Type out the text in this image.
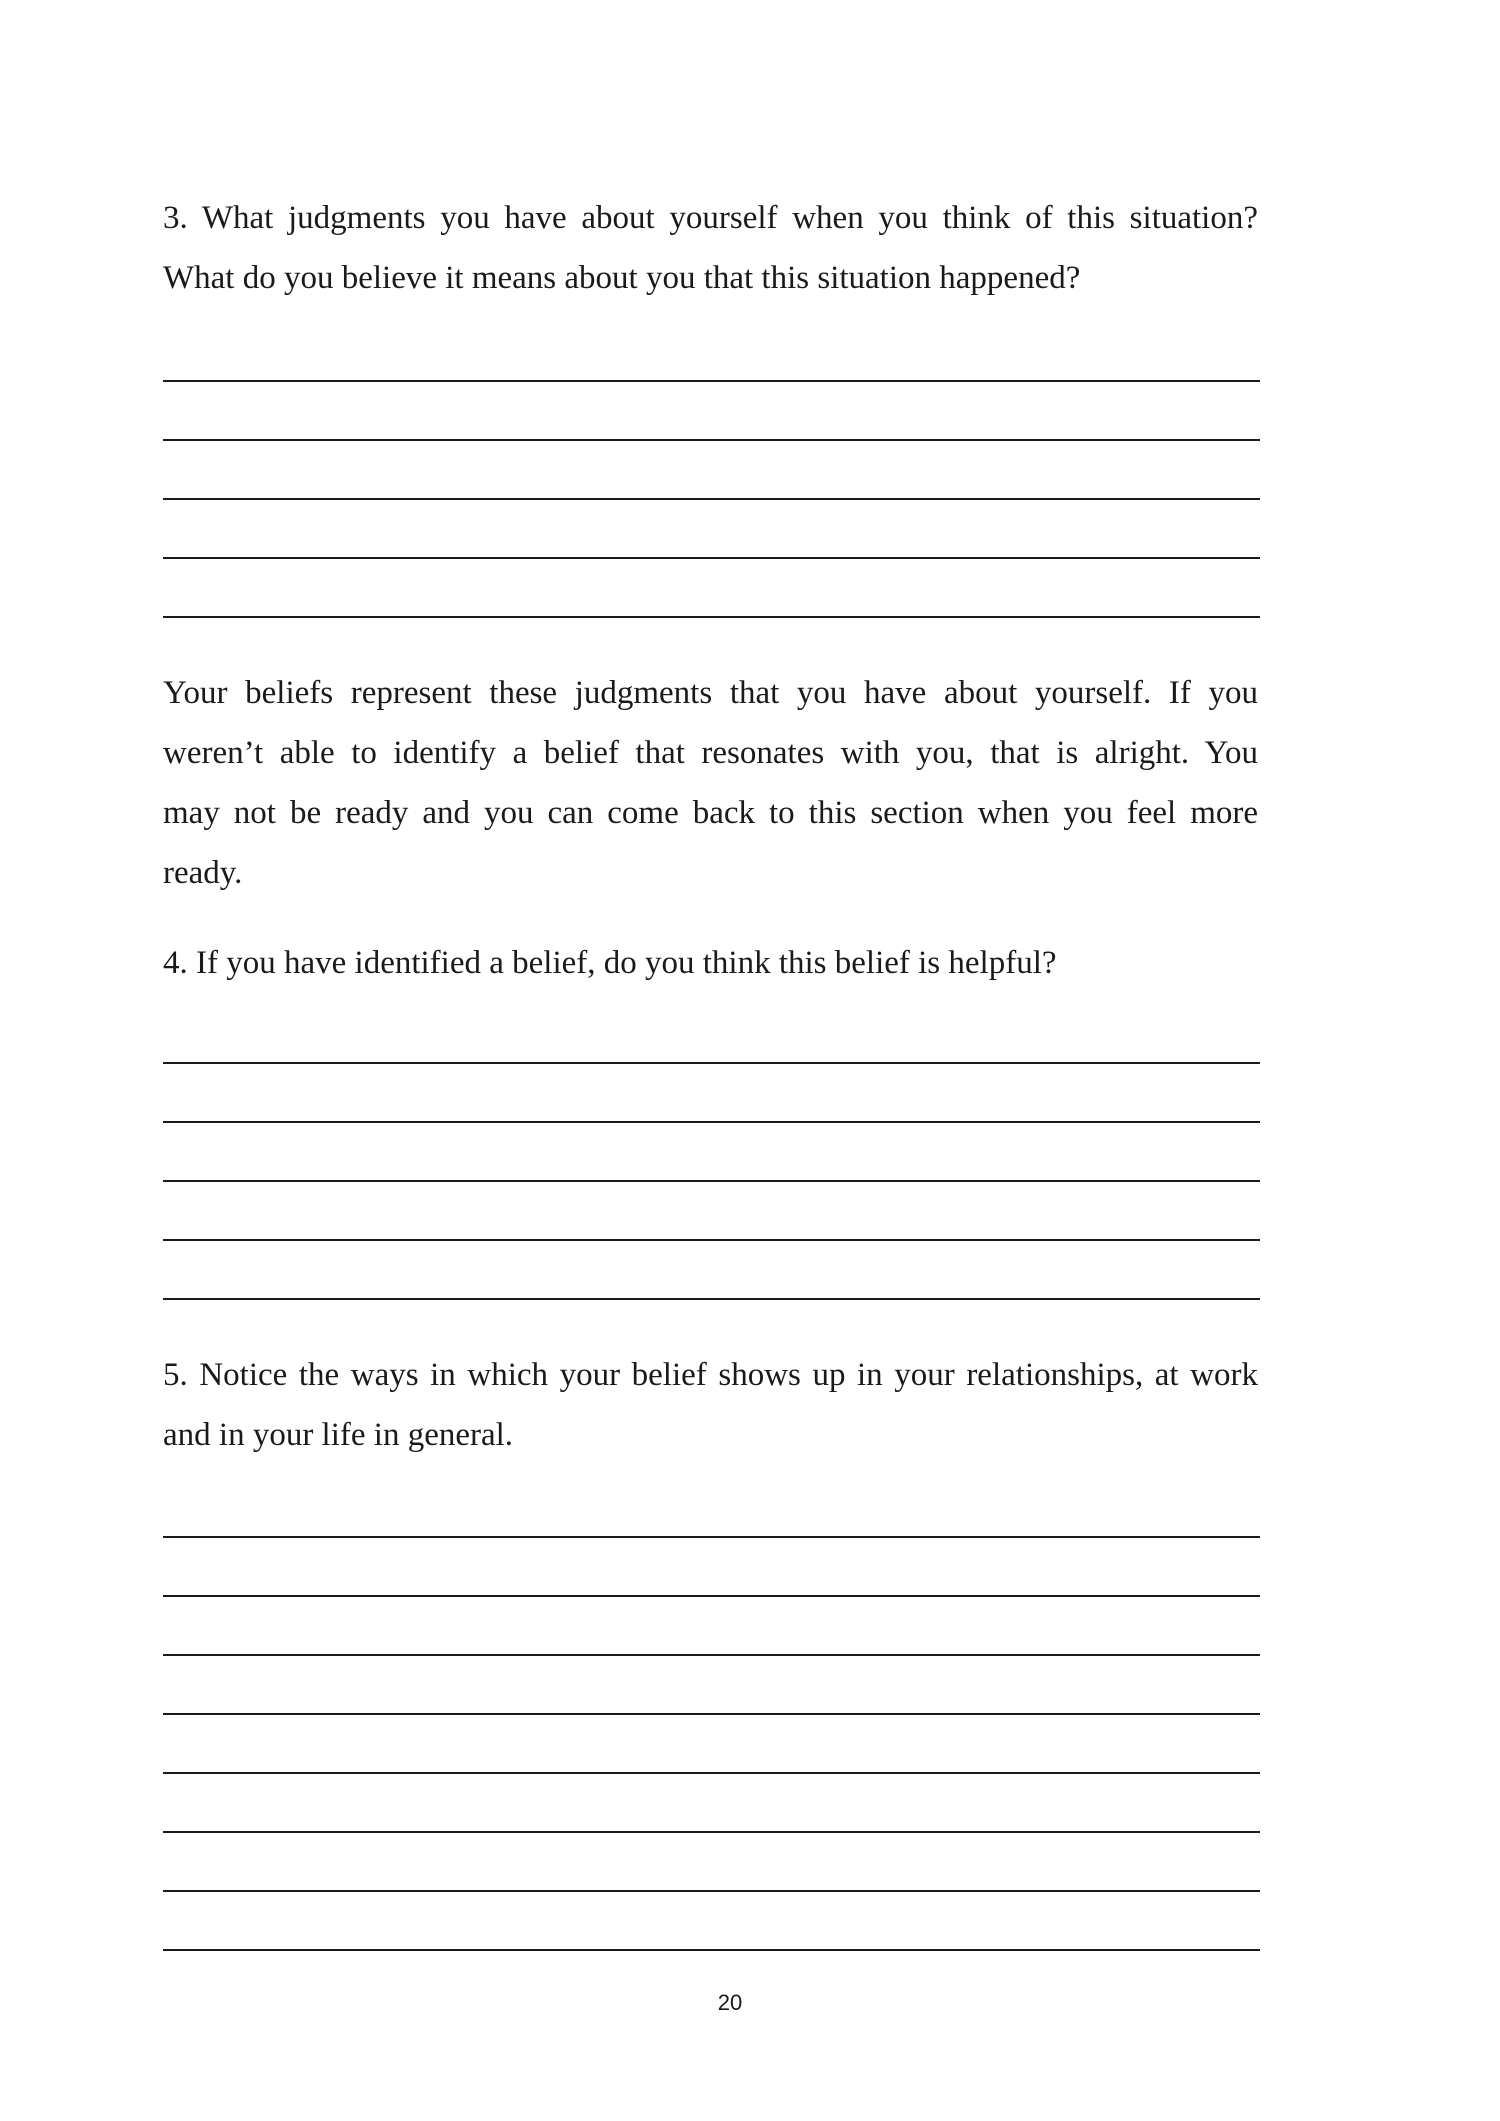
3. What judgments you have about yourself when you think of this situation?
What do you believe it means about you that this situation happened?
Your beliefs represent these judgments that you have about yourself. If you
weren’t able to identify a belief that resonates with you, that is alright. You
may not be ready and you can come back to this section when you feel more
ready.
4. If you have identified a belief, do you think this belief is helpful?
5. Notice the ways in which your belief shows up in your relationships, at work
and in your life in general.
20
